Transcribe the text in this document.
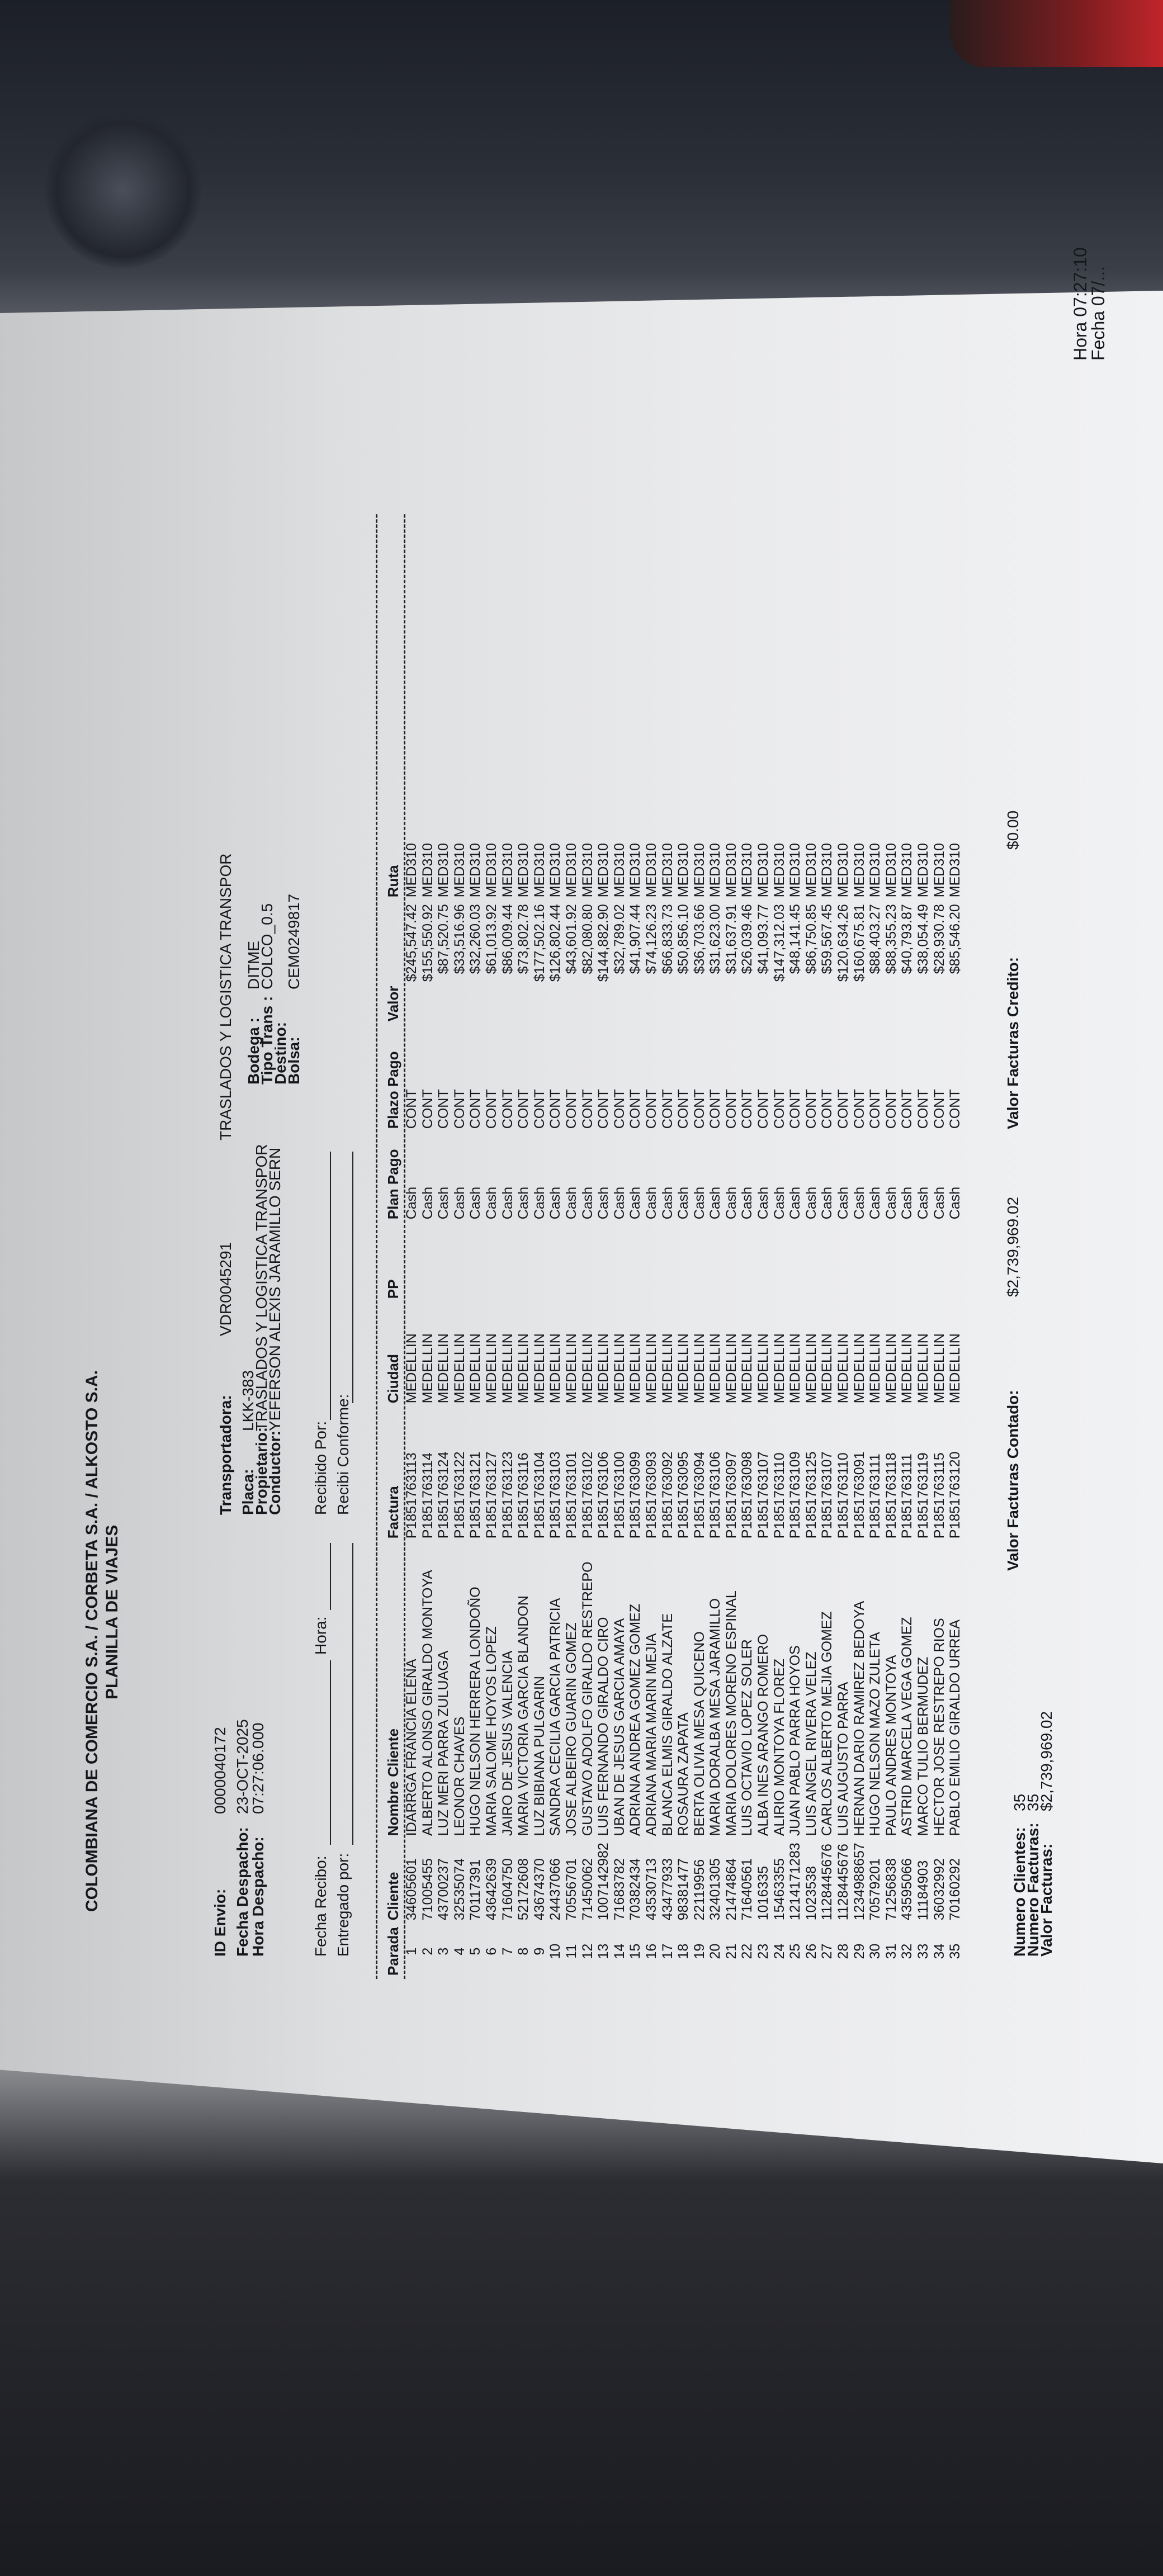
COLOMBIANA DE COMERCIO S.A. / CORBETA S.A. / ALKOSTO S.A. PLANILLA DE VIAJES
Fecha 07/...
Hora 07:27:10
ID Envio:
0000040172
Fecha Despacho:
23-OCT-2025
Hora Despacho:
07:27:06.000
Transportadora:
VDR0045291
TRASLADOS Y LOGISTICA TRANSPOR
Placa:
LKK-383
Propietario:
TRASLADOS Y LOGISTICA TRANSPOR
Conductor:
YEFERSON ALEXIS JARAMILLO SERN
Bodega :
DITME
Tipo Trans :
COLCO_0.5
Destino:
Bolsa:
CEM0249817
Fecha Recibo:
Hora:
Recibido Por:
Entregado por:
Recibi Conforme:
Parada	Cliente	Nombre Cliente	Factura	Ciudad	PP	Plan Pago	Plazo Pago	Valor	Ruta
1	34605601	IDARRGA FRANCIA ELENA	P1851763113	MEDELLIN		Cash	CONT	$245,547.42	MED310
2	71005455	ALBERTO ALONSO GIRALDO MONTOYA	P1851763114	MEDELLIN		Cash	CONT	$155,550.92	MED310
3	43700237	LUZ MERI PARRA ZULUAGA	P1851763124	MEDELLIN		Cash	CONT	$87,520.75	MED310
4	32535074	LEONOR CHAVES	P1851763122	MEDELLIN		Cash	CONT	$33,516.96	MED310
5	70117391	HUGO NELSON HERRERA LONDOÑO	P1851763121	MEDELLIN		Cash	CONT	$32,260.03	MED310
6	43642639	MARIA SALOME HOYOS LOPEZ	P1851763127	MEDELLIN		Cash	CONT	$61,013.92	MED310
7	71604750	JAIRO DE JESUS VALENCIA	P1851763123	MEDELLIN		Cash	CONT	$86,009.44	MED310
8	52172608	MARIA VICTORIA GARCIA BLANDON	P1851763116	MEDELLIN		Cash	CONT	$73,802.78	MED310
9	43674370	LUZ BIBIANA PULGARIN	P1851763104	MEDELLIN		Cash	CONT	$177,502.16	MED310
10	24437066	SANDRA CECILIA GARCIA PATRICIA	P1851763103	MEDELLIN		Cash	CONT	$126,802.44	MED310
11	70556701	JOSE ALBEIRO GUARIN GOMEZ	P1851763101	MEDELLIN		Cash	CONT	$43,601.92	MED310
12	71450062	GUSTAVO ADOLFO GIRALDO RESTREPO	P1851763102	MEDELLIN		Cash	CONT	$82,080.80	MED310
13	1007142982	LUIS FERNANDO GIRALDO CIRO	P1851763106	MEDELLIN		Cash	CONT	$144,882.90	MED310
14	71683782	UBAN DE JESUS GARCIA AMAYA	P1851763100	MEDELLIN		Cash	CONT	$32,789.02	MED310
15	70382434	ADRIANA ANDREA GOMEZ GOMEZ	P1851763099	MEDELLIN		Cash	CONT	$41,907.44	MED310
16	43530713	ADRIANA MARIA MARIN MEJIA	P1851763093	MEDELLIN		Cash	CONT	$74,126.23	MED310
17	43477933	BLANCA ELMIS GIRALDO ALZATE	P1851763092	MEDELLIN		Cash	CONT	$66,833.73	MED310
18	98381477	ROSAURA ZAPATA	P1851763095	MEDELLIN		Cash	CONT	$50,856.10	MED310
19	22119956	BERTA OLIVIA MESA QUICENO	P1851763094	MEDELLIN		Cash	CONT	$36,703.66	MED310
20	32401305	MARIA DORALBA MESA JARAMILLO	P1851763106	MEDELLIN		Cash	CONT	$31,623.00	MED310
21	21474864	MARIA DOLORES MORENO ESPINAL	P1851763097	MEDELLIN		Cash	CONT	$31,637.91	MED310
22	71640561	LUIS OCTAVIO LOPEZ SOLER	P1851763098	MEDELLIN		Cash	CONT	$26,039.46	MED310
23	1016335	ALBA INES ARANGO ROMERO	P1851763107	MEDELLIN		Cash	CONT	$41,093.77	MED310
24	15463355	ALIRIO MONTOYA FLOREZ	P1851763110	MEDELLIN		Cash	CONT	$147,312.03	MED310
25	1214171283	JUAN PABLO PARRA HOYOS	P1851763109	MEDELLIN		Cash	CONT	$48,141.45	MED310
26	1023538	LUIS ANGEL RIVERA VELEZ	P1851763125	MEDELLIN		Cash	CONT	$86,750.85	MED310
27	1128445676	CARLOS ALBERTO MEJIA GOMEZ	P1851763107	MEDELLIN		Cash	CONT	$59,567.45	MED310
28	1128445676	LUIS AUGUSTO PARRA	P1851763110	MEDELLIN		Cash	CONT	$120,634.26	MED310
29	1234988657	HERNAN DARIO RAMIREZ BEDOYA	P1851763091	MEDELLIN		Cash	CONT	$160,675.81	MED310
30	70579201	HUGO NELSON MAZO ZULETA	P1851763111	MEDELLIN		Cash	CONT	$88,403.27	MED310
31	71256838	PAULO ANDRES MONTOYA	P1851763118	MEDELLIN		Cash	CONT	$88,355.23	MED310
32	43595066	ASTRID MARCELA VEGA GOMEZ	P1851763111	MEDELLIN		Cash	CONT	$40,793.87	MED310
33	11184903	MARCO TULIO BERMUDEZ	P1851763119	MEDELLIN		Cash	CONT	$38,054.49	MED310
34	36032992	HECTOR JOSE RESTREPO RIOS	P1851763115	MEDELLIN		Cash	CONT	$28,930.78	MED310
35	70160292	PABLO EMILIO GIRALDO URREA	P1851763120	MEDELLIN		Cash	CONT	$85,546.20	MED310
Numero Clientes:
35
Numero Facturas:
35
Valor Facturas:
$2,739,969.02
Valor Facturas Contado:
$2,739,969.02
Valor Facturas Credito:
$0.00
